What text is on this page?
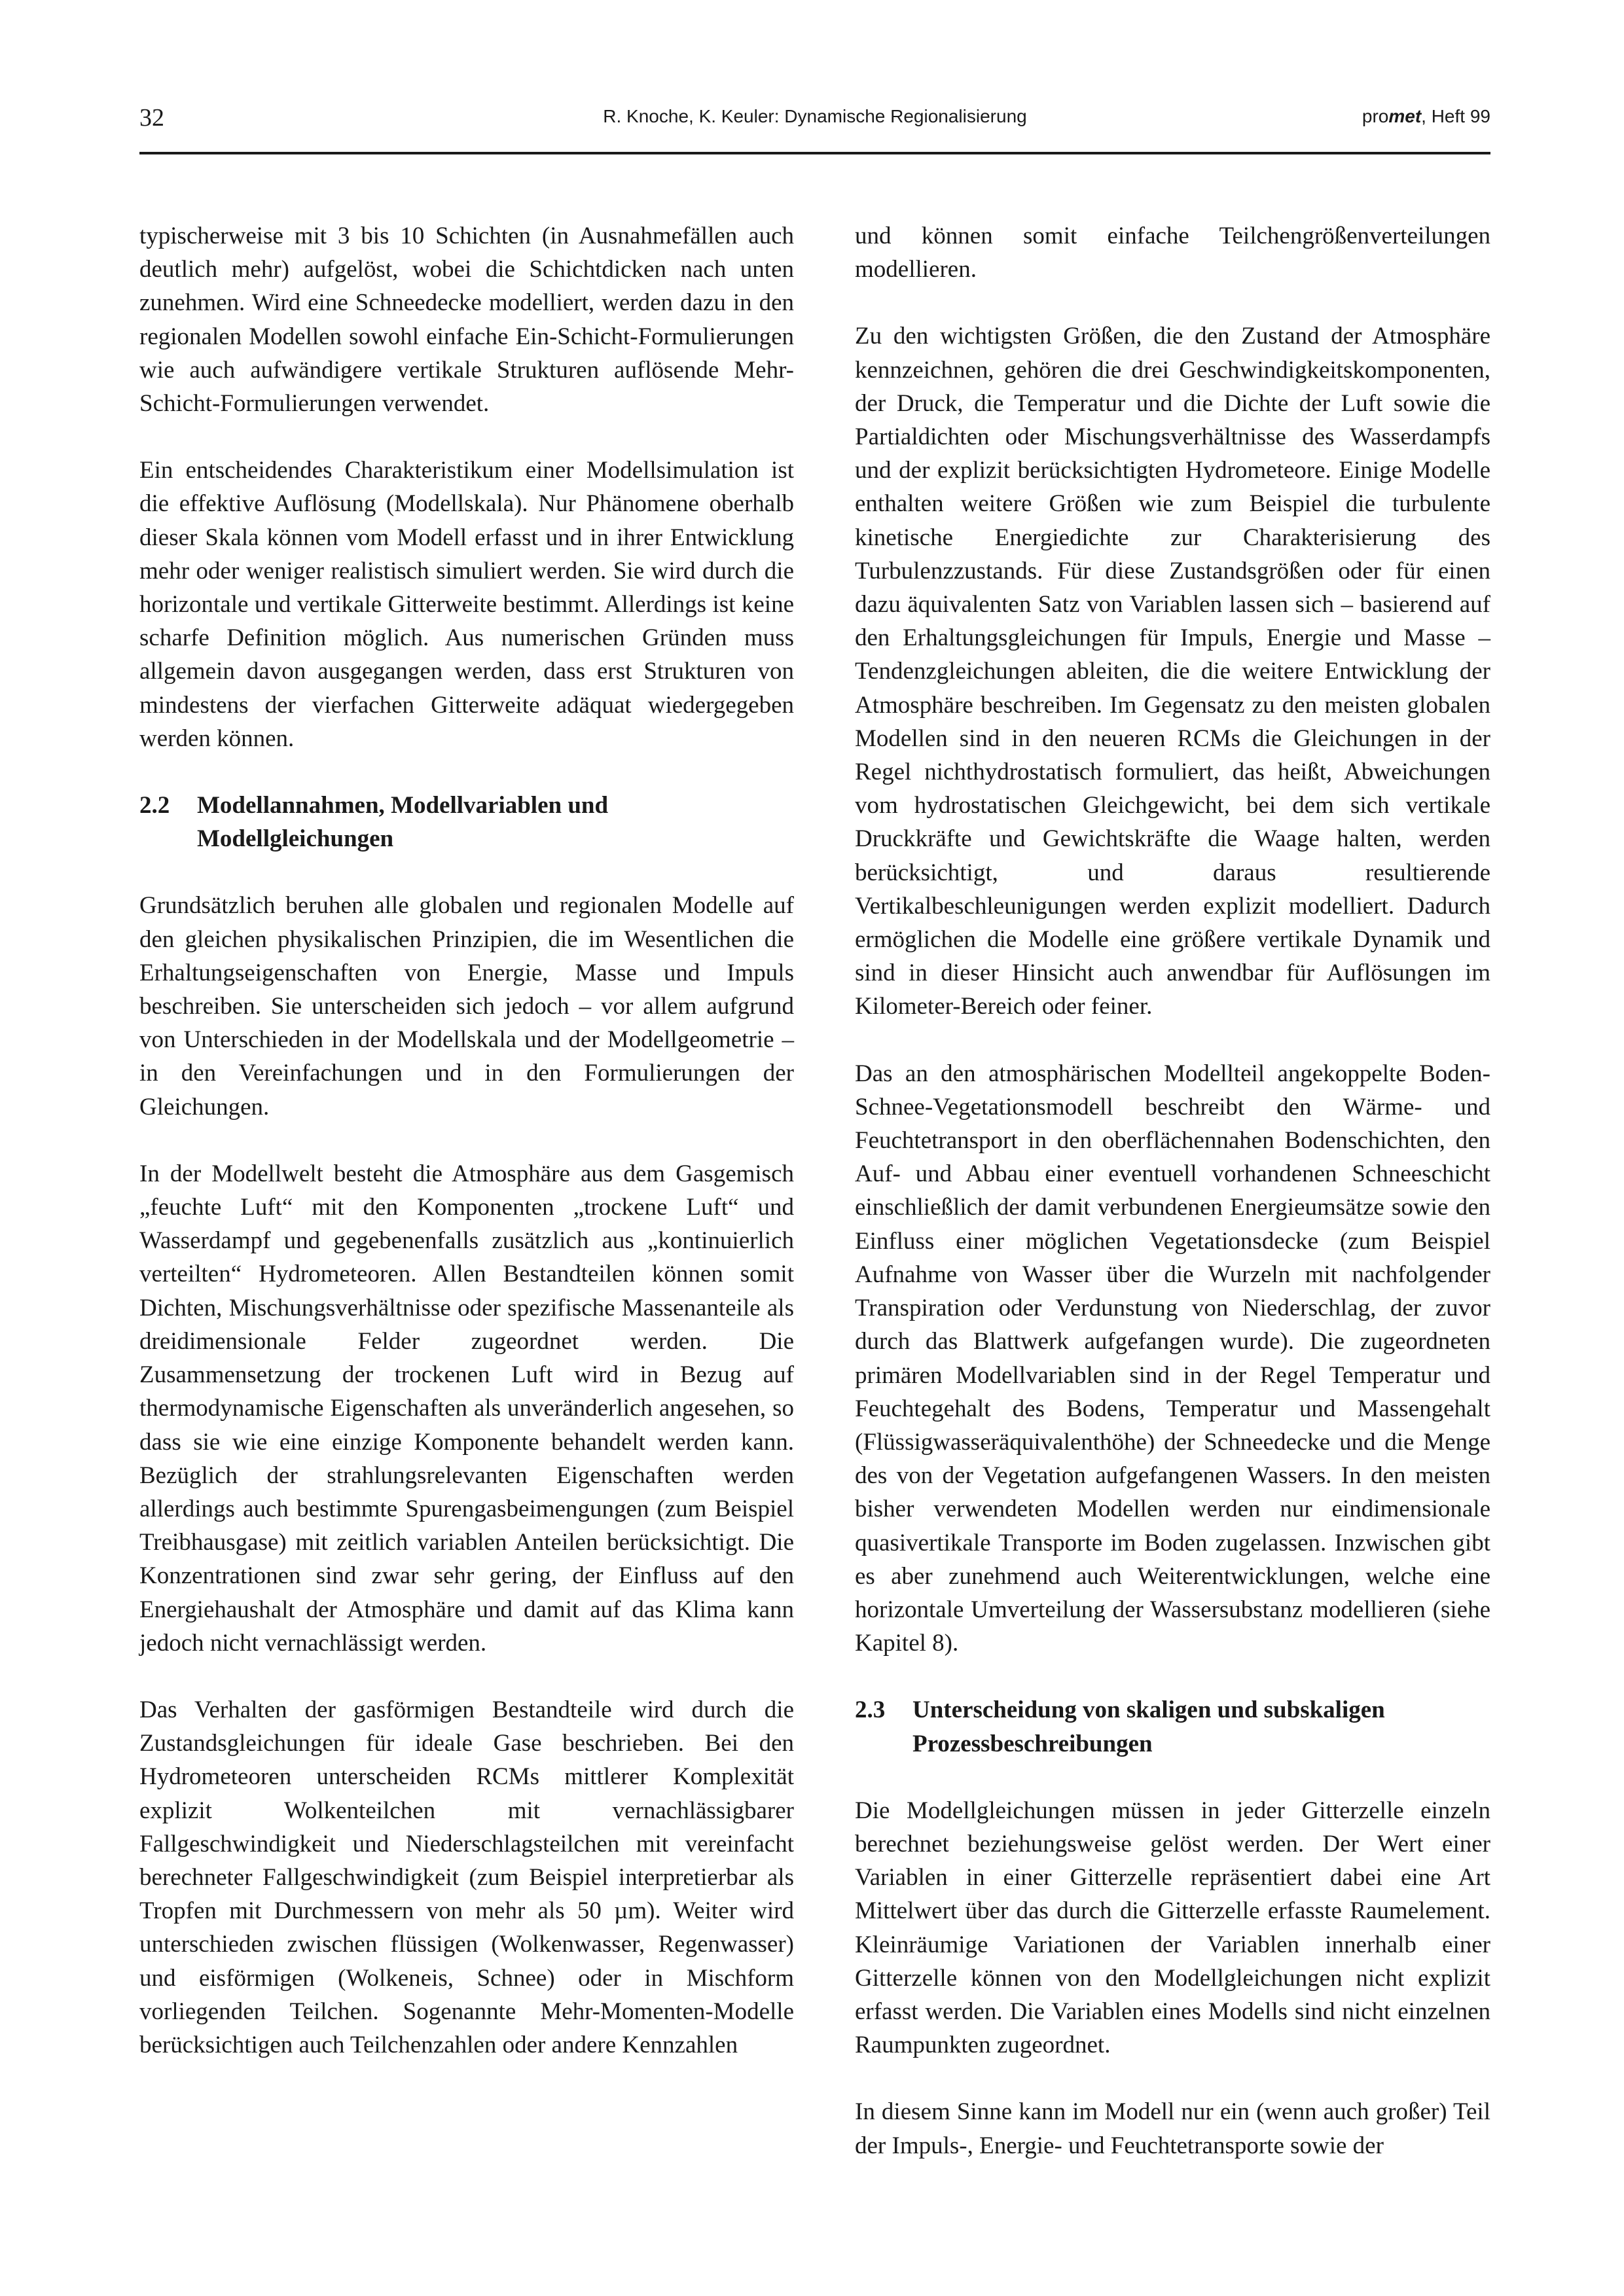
32	R. Knoche, K. Keuler: Dynamische Regionalisierung	promet, Heft 99

typischerweise mit 3 bis 10 Schichten (in Ausnahmefällen auch deutlich mehr) aufgelöst, wobei die Schichtdicken nach unten zunehmen. Wird eine Schneedecke modelliert, werden dazu in den regionalen Modellen sowohl einfache Ein-Schicht-Formulierungen wie auch aufwändigere vertikale Strukturen auflösende Mehr-Schicht-Formulierungen verwendet.

Ein entscheidendes Charakteristikum einer Modellsimulation ist die effektive Auflösung (Modellskala). Nur Phänomene oberhalb dieser Skala können vom Modell erfasst und in ihrer Entwicklung mehr oder weniger realistisch simuliert werden. Sie wird durch die horizontale und vertikale Gitterweite bestimmt. Allerdings ist keine scharfe Definition möglich. Aus numerischen Gründen muss allgemein davon ausgegangen werden, dass erst Strukturen von mindestens der vierfachen Gitterweite adäquat wiedergegeben werden können.

2.2	Modellannahmen, Modellvariablen und Modellgleichungen

Grundsätzlich beruhen alle globalen und regionalen Modelle auf den gleichen physikalischen Prinzipien, die im Wesentlichen die Erhaltungseigenschaften von Energie, Masse und Impuls beschreiben. Sie unterscheiden sich jedoch – vor allem aufgrund von Unterschieden in der Modellskala und der Modellgeometrie – in den Vereinfachungen und in den Formulierungen der Gleichungen.

In der Modellwelt besteht die Atmosphäre aus dem Gasgemisch „feuchte Luft“ mit den Komponenten „trockene Luft“ und Wasserdampf und gegebenenfalls zusätzlich aus „kontinuierlich verteilten“ Hydrometeoren. Allen Bestandteilen können somit Dichten, Mischungsverhältnisse oder spezifische Massenanteile als dreidimensionale Felder zugeordnet werden. Die Zusammensetzung der trockenen Luft wird in Bezug auf thermodynamische Eigenschaften als unveränderlich angesehen, so dass sie wie eine einzige Komponente behandelt werden kann. Bezüglich der strahlungsrelevanten Eigenschaften werden allerdings auch bestimmte Spurengasbeimengungen (zum Beispiel Treibhausgase) mit zeitlich variablen Anteilen berücksichtigt. Die Konzentrationen sind zwar sehr gering, der Einfluss auf den Energiehaushalt der Atmosphäre und damit auf das Klima kann jedoch nicht vernachlässigt werden.

Das Verhalten der gasförmigen Bestandteile wird durch die Zustandsgleichungen für ideale Gase beschrieben. Bei den Hydrometeoren unterscheiden RCMs mittlerer Komplexität explizit Wolkenteilchen mit vernachlässigbarer Fallgeschwindigkeit und Niederschlagsteilchen mit vereinfacht berechneter Fallgeschwindigkeit (zum Beispiel interpretierbar als Tropfen mit Durchmessern von mehr als 50 µm). Weiter wird unterschieden zwischen flüssigen (Wolkenwasser, Regenwasser) und eisförmigen (Wolkeneis, Schnee) oder in Mischform vorliegenden Teilchen. Sogenannte Mehr-Momenten-Modelle berücksichtigen auch Teilchenzahlen oder andere Kennzahlen

und können somit einfache Teilchengrößenverteilungen modellieren.

Zu den wichtigsten Größen, die den Zustand der Atmosphäre kennzeichnen, gehören die drei Geschwindigkeitskomponenten, der Druck, die Temperatur und die Dichte der Luft sowie die Partialdichten oder Mischungsverhältnisse des Wasserdampfs und der explizit berücksichtigten Hydrometeore. Einige Modelle enthalten weitere Größen wie zum Beispiel die turbulente kinetische Energiedichte zur Charakterisierung des Turbulenzzustands. Für diese Zustandsgrößen oder für einen dazu äquivalenten Satz von Variablen lassen sich – basierend auf den Erhaltungsgleichungen für Impuls, Energie und Masse – Tendenzgleichungen ableiten, die die weitere Entwicklung der Atmosphäre beschreiben. Im Gegensatz zu den meisten globalen Modellen sind in den neueren RCMs die Gleichungen in der Regel nichthydrostatisch formuliert, das heißt, Abweichungen vom hydrostatischen Gleichgewicht, bei dem sich vertikale Druckkräfte und Gewichtskräfte die Waage halten, werden berücksichtigt, und daraus resultierende Vertikalbeschleunigungen werden explizit modelliert. Dadurch ermöglichen die Modelle eine größere vertikale Dynamik und sind in dieser Hinsicht auch anwendbar für Auflösungen im Kilometer-Bereich oder feiner.

Das an den atmosphärischen Modellteil angekoppelte Boden-Schnee-Vegetationsmodell beschreibt den Wärme- und Feuchtetransport in den oberflächennahen Bodenschichten, den Auf- und Abbau einer eventuell vorhandenen Schneeschicht einschließlich der damit verbundenen Energieumsätze sowie den Einfluss einer möglichen Vegetationsdecke (zum Beispiel Aufnahme von Wasser über die Wurzeln mit nachfolgender Transpiration oder Verdunstung von Niederschlag, der zuvor durch das Blattwerk aufgefangen wurde). Die zugeordneten primären Modellvariablen sind in der Regel Temperatur und Feuchtegehalt des Bodens, Temperatur und Massengehalt (Flüssigwasseräquivalenthöhe) der Schneedecke und die Menge des von der Vegetation aufgefangenen Wassers. In den meisten bisher verwendeten Modellen werden nur eindimensionale quasivertikale Transporte im Boden zugelassen. Inzwischen gibt es aber zunehmend auch Weiterentwicklungen, welche eine horizontale Umverteilung der Wassersubstanz modellieren (siehe Kapitel 8).

2.3	Unterscheidung von skaligen und subskaligen Prozessbeschreibungen

Die Modellgleichungen müssen in jeder Gitterzelle einzeln berechnet beziehungsweise gelöst werden. Der Wert einer Variablen in einer Gitterzelle repräsentiert dabei eine Art Mittelwert über das durch die Gitterzelle erfasste Raumelement. Kleinräumige Variationen der Variablen innerhalb einer Gitterzelle können von den Modellgleichungen nicht explizit erfasst werden. Die Variablen eines Modells sind nicht einzelnen Raumpunkten zugeordnet.

In diesem Sinne kann im Modell nur ein (wenn auch großer) Teil der Impuls-, Energie- und Feuchtetransporte sowie der
